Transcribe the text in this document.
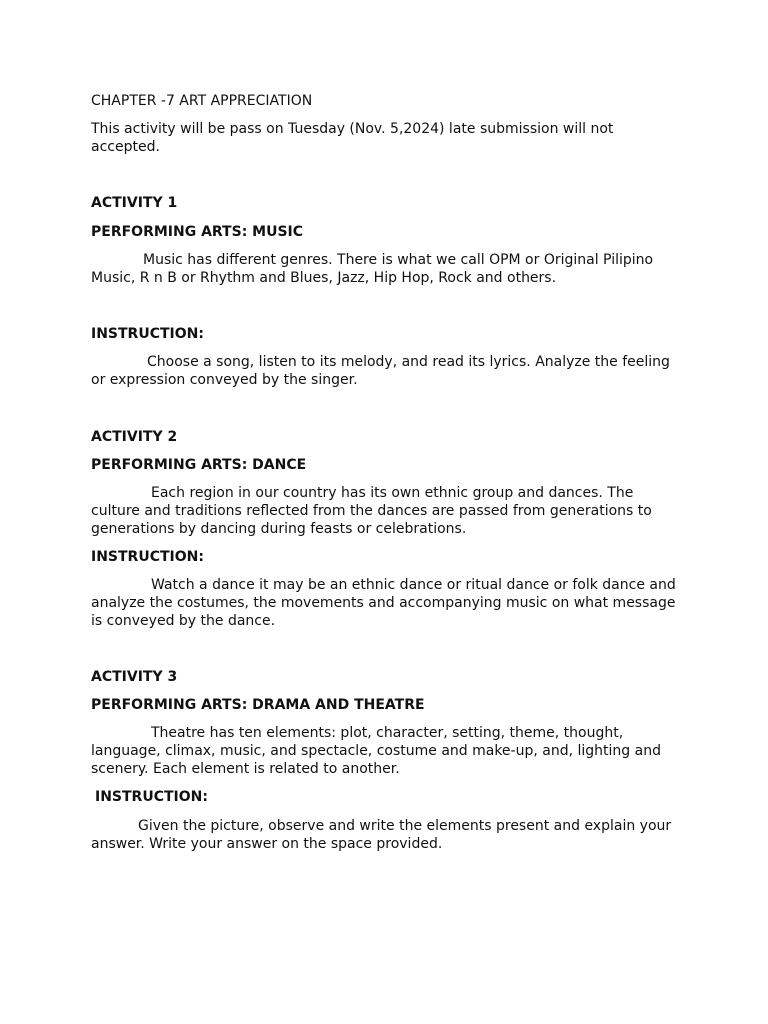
CHAPTER -7 ART APPRECIATION

This activity will be pass on Tuesday (Nov. 5,2024) late submission will not accepted.

ACTIVITY 1

PERFORMING ARTS: MUSIC

Music has different genres. There is what we call OPM or Original Pilipino Music, R n B or Rhythm and Blues, Jazz, Hip Hop, Rock and others.

INSTRUCTION:

Choose a song, listen to its melody, and read its lyrics. Analyze the feeling or expression conveyed by the singer.

ACTIVITY 2

PERFORMING ARTS: DANCE

Each region in our country has its own ethnic group and dances. The culture and traditions reflected from the dances are passed from generations to generations by dancing during feasts or celebrations.

INSTRUCTION:

Watch a dance it may be an ethnic dance or ritual dance or folk dance and analyze the costumes, the movements and accompanying music on what message is conveyed by the dance.

ACTIVITY 3

PERFORMING ARTS: DRAMA AND THEATRE

Theatre has ten elements: plot, character, setting, theme, thought, language, climax, music, and spectacle, costume and make-up, and, lighting and scenery. Each element is related to another.

INSTRUCTION:

Given the picture, observe and write the elements present and explain your answer. Write your answer on the space provided.
